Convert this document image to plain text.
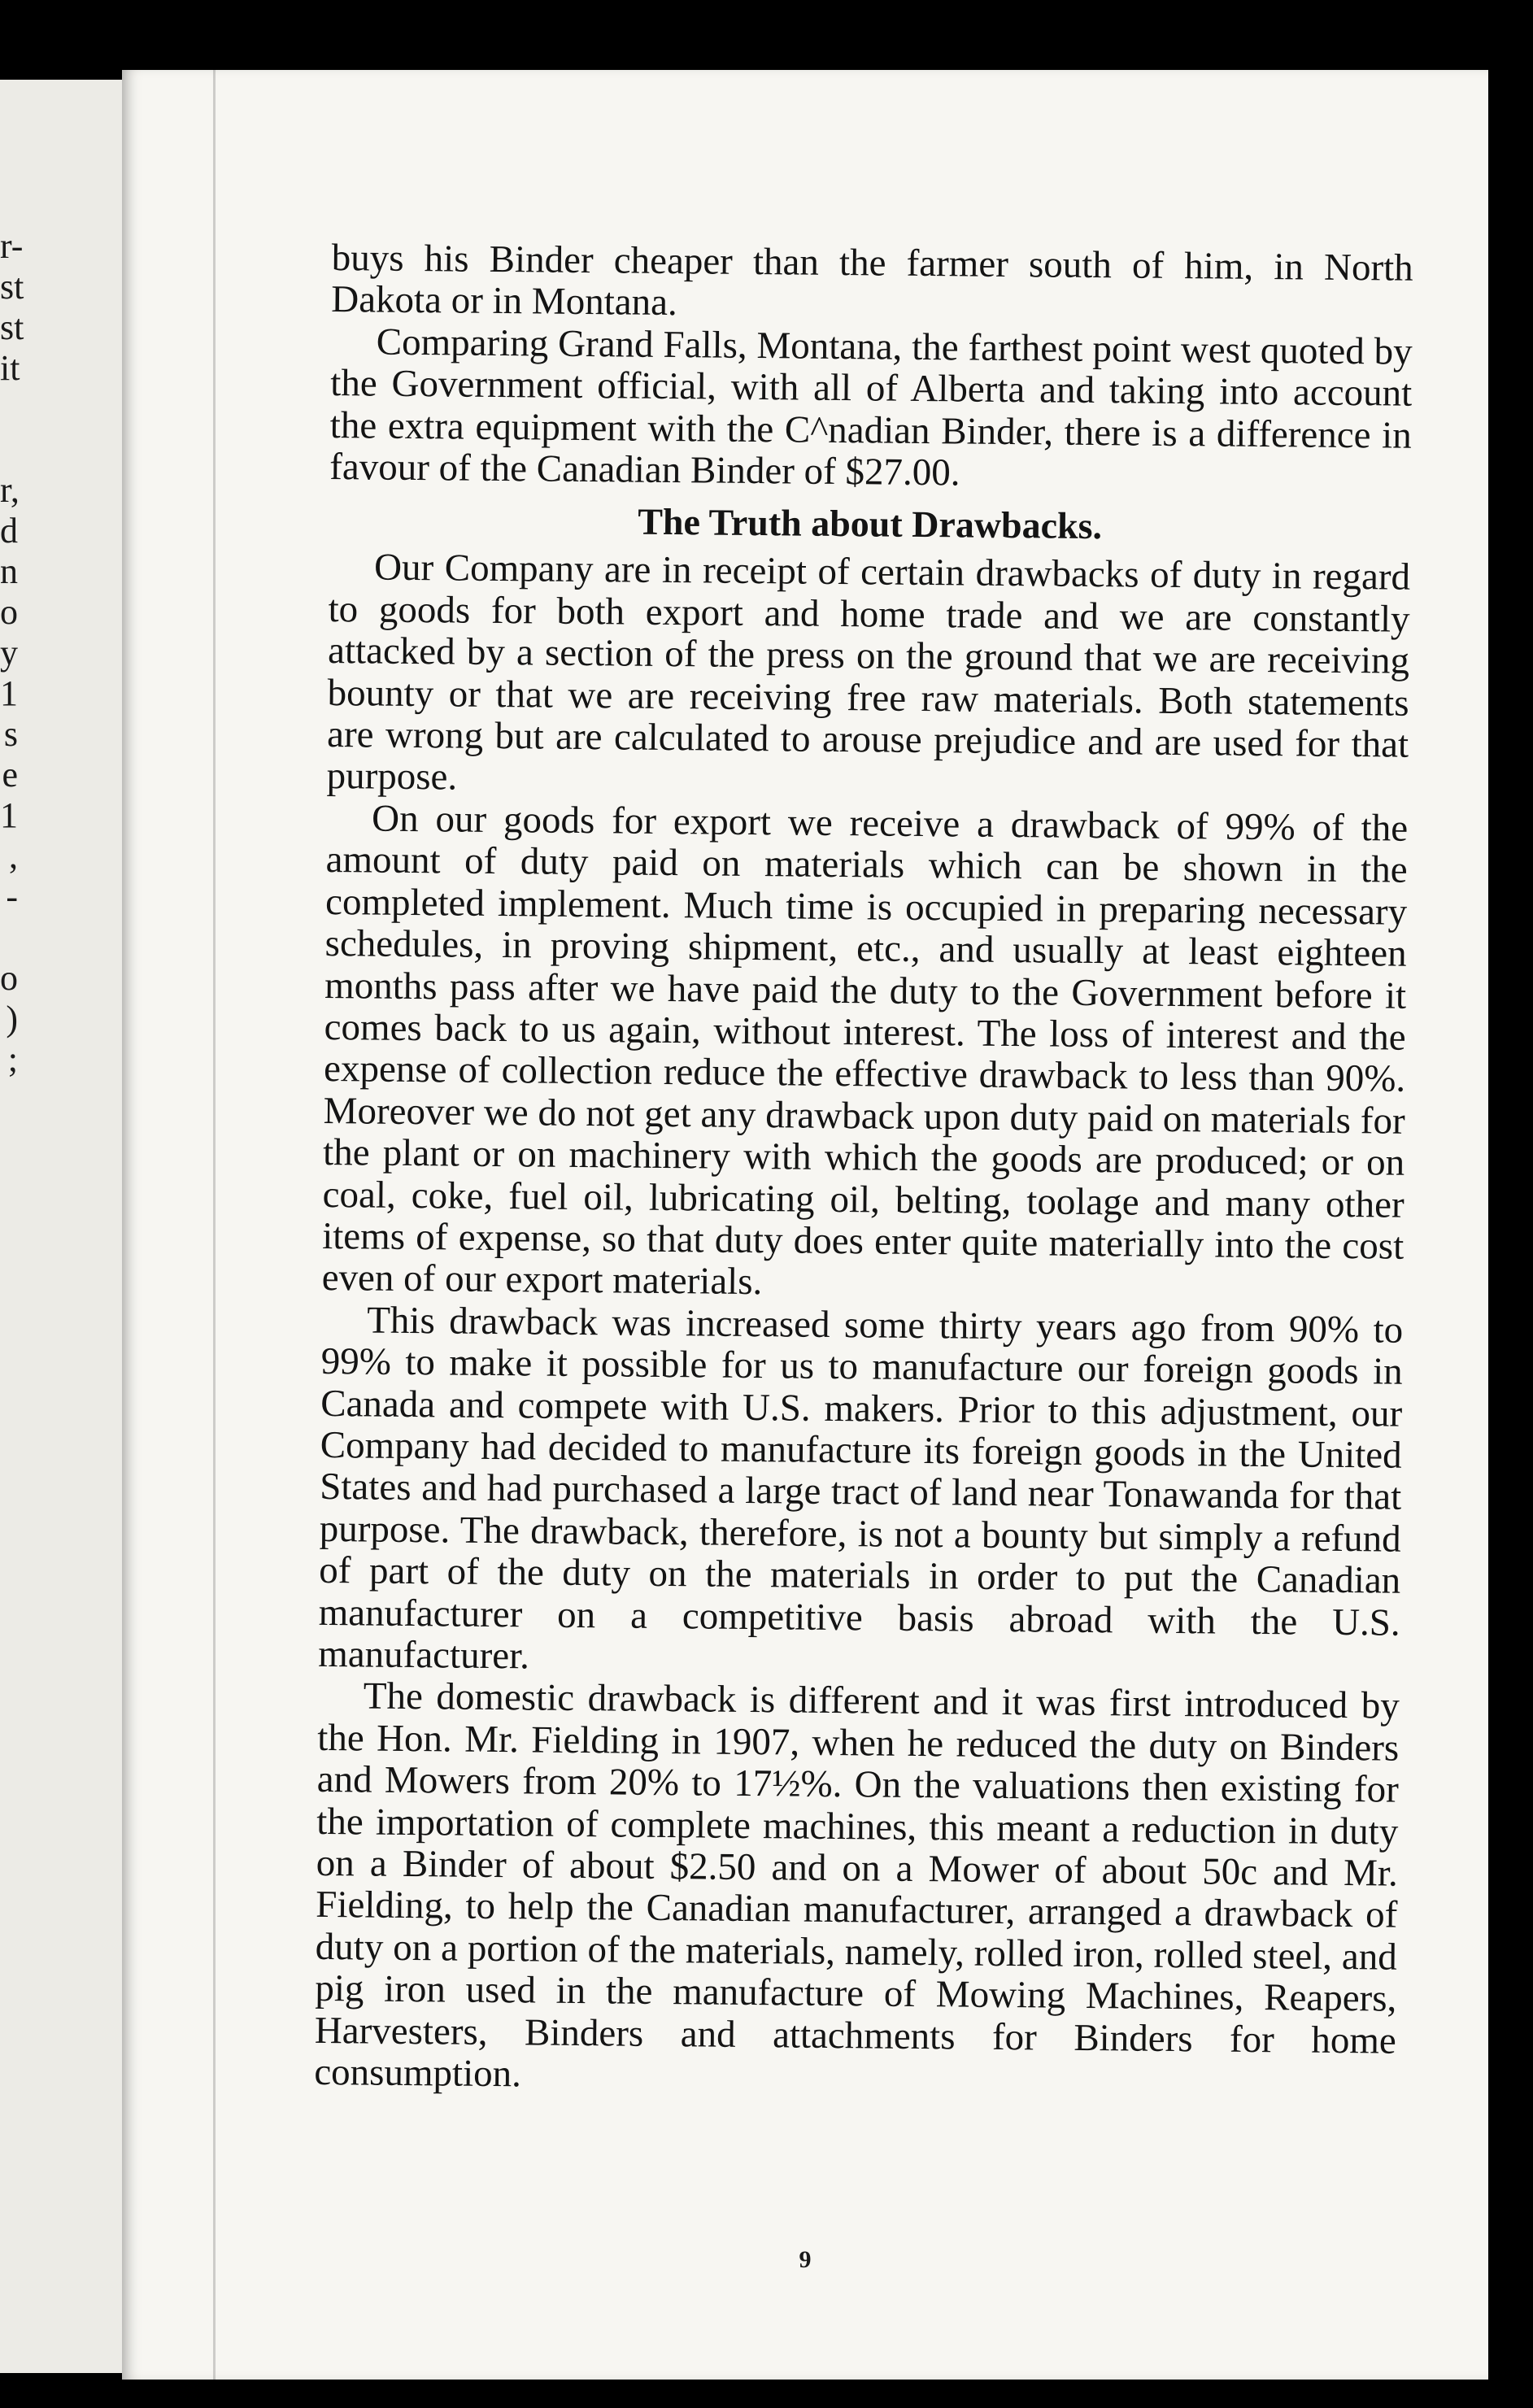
r-
st
st
it
r,
d
n
o
y
1
s
e
1
,
-
o
)
;

buys his Binder cheaper than the farmer south of him, in North Dakota or in Montana.

Comparing Grand Falls, Montana, the farthest point west quoted by the Government official, with all of Alberta and taking into account the extra equipment with the C^nadian Binder, there is a difference in favour of the Canadian Binder of $27.00.

The Truth about Drawbacks.

Our Company are in receipt of certain drawbacks of duty in regard to goods for both export and home trade and we are constantly attacked by a section of the press on the ground that we are receiving bounty or that we are receiving free raw materials. Both statements are wrong but are calculated to arouse prejudice and are used for that purpose.

On our goods for export we receive a drawback of 99% of the amount of duty paid on materials which can be shown in the completed implement. Much time is occupied in preparing necessary schedules, in proving shipment, etc., and usually at least eighteen months pass after we have paid the duty to the Government before it comes back to us again, without interest. The loss of interest and the expense of collection reduce the effective drawback to less than 90%. Moreover we do not get any drawback upon duty paid on materials for the plant or on machinery with which the goods are produced; or on coal, coke, fuel oil, lubricating oil, belting, toolage and many other items of expense, so that duty does enter quite materially into the cost even of our export materials.

This drawback was increased some thirty years ago from 90% to 99% to make it possible for us to manufacture our foreign goods in Canada and compete with U.S. makers. Prior to this adjustment, our Company had decided to manufacture its foreign goods in the United States and had purchased a large tract of land near Tonawanda for that purpose. The drawback, therefore, is not a bounty but simply a refund of part of the duty on the materials in order to put the Canadian manufacturer on a competitive basis abroad with the U.S. manufacturer.

The domestic drawback is different and it was first introduced by the Hon. Mr. Fielding in 1907, when he reduced the duty on Binders and Mowers from 20% to 17½%. On the valuations then existing for the importation of complete machines, this meant a reduction in duty on a Binder of about $2.50 and on a Mower of about 50c and Mr. Fielding, to help the Canadian manufacturer, arranged a drawback of duty on a portion of the materials, namely, rolled iron, rolled steel, and pig iron used in the manufacture of Mowing Machines, Reapers, Harvesters, Binders and attachments for Binders for home consumption.

9
